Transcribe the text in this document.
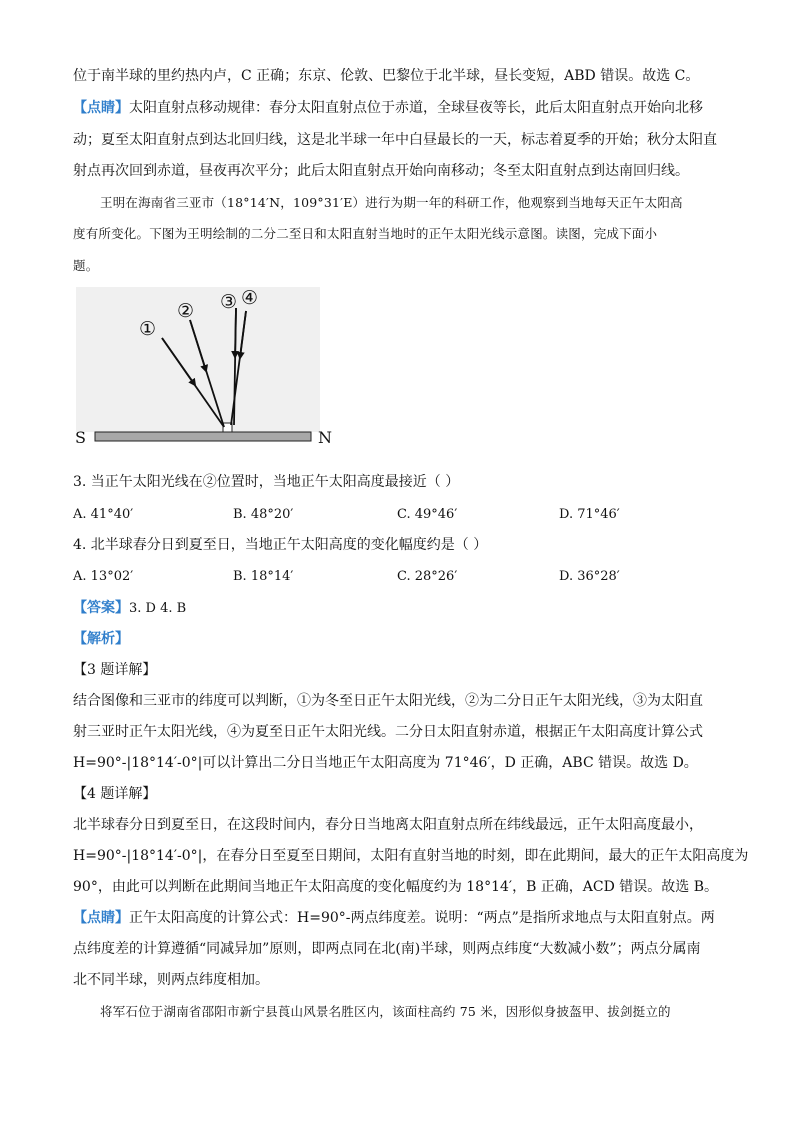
位于南半球的里约热内卢，C 正确；东京、伦敦、巴黎位于北半球，昼长变短，ABD 错误。故选 C。
【点睛】太阳直射点移动规律：春分太阳直射点位于赤道，全球昼夜等长，此后太阳直射点开始向北移
动；夏至太阳直射点到达北回归线，这是北半球一年中白昼最长的一天，标志着夏季的开始；秋分太阳直
射点再次回到赤道，昼夜再次平分；此后太阳直射点开始向南移动；冬至太阳直射点到达南回归线。
王明在海南省三亚市（18°14′N，109°31′E）进行为期一年的科研工作，他观察到当地每天正午太阳高
度有所变化。下图为王明绘制的二分二至日和太阳直射当地时的正午太阳光线示意图。读图，完成下面小
题。
①
② ③ ④
S	N
3. 当正午太阳光线在②位置时，当地正午太阳高度最接近（ ）
A. 41°40′	B. 48°20′	C. 49°46′	D. 71°46′
4. 北半球春分日到夏至日，当地正午太阳高度的变化幅度约是（ ）
A. 13°02′	B. 18°14′	C. 28°26′	D. 36°28′
【答案】3. D 4. B
【解析】
【3 题详解】
结合图像和三亚市的纬度可以判断，①为冬至日正午太阳光线，②为二分日正午太阳光线，③为太阳直
射三亚时正午太阳光线，④为夏至日正午太阳光线。二分日太阳直射赤道，根据正午太阳高度计算公式
H=90°-|18°14′-0°|可以计算出二分日当地正午太阳高度为 71°46′，D 正确，ABC 错误。故选 D。
【4 题详解】
北半球春分日到夏至日，在这段时间内，春分日当地离太阳直射点所在纬线最远，正午太阳高度最小，
H=90°-|18°14′-0°|，在春分日至夏至日期间，太阳有直射当地的时刻，即在此期间，最大的正午太阳高度为
90°，由此可以判断在此期间当地正午太阳高度的变化幅度约为 18°14′，B 正确，ACD 错误。故选 B。
【点睛】正午太阳高度的计算公式：H=90°-两点纬度差。说明：“两点”是指所求地点与太阳直射点。两
点纬度差的计算遵循“同减异加”原则，即两点同在北(南)半球，则两点纬度“大数减小数”；两点分属南
北不同半球，则两点纬度相加。
将军石位于湖南省邵阳市新宁县莨山风景名胜区内，该面柱高约 75 米，因形似身披盔甲、拔剑挺立的
